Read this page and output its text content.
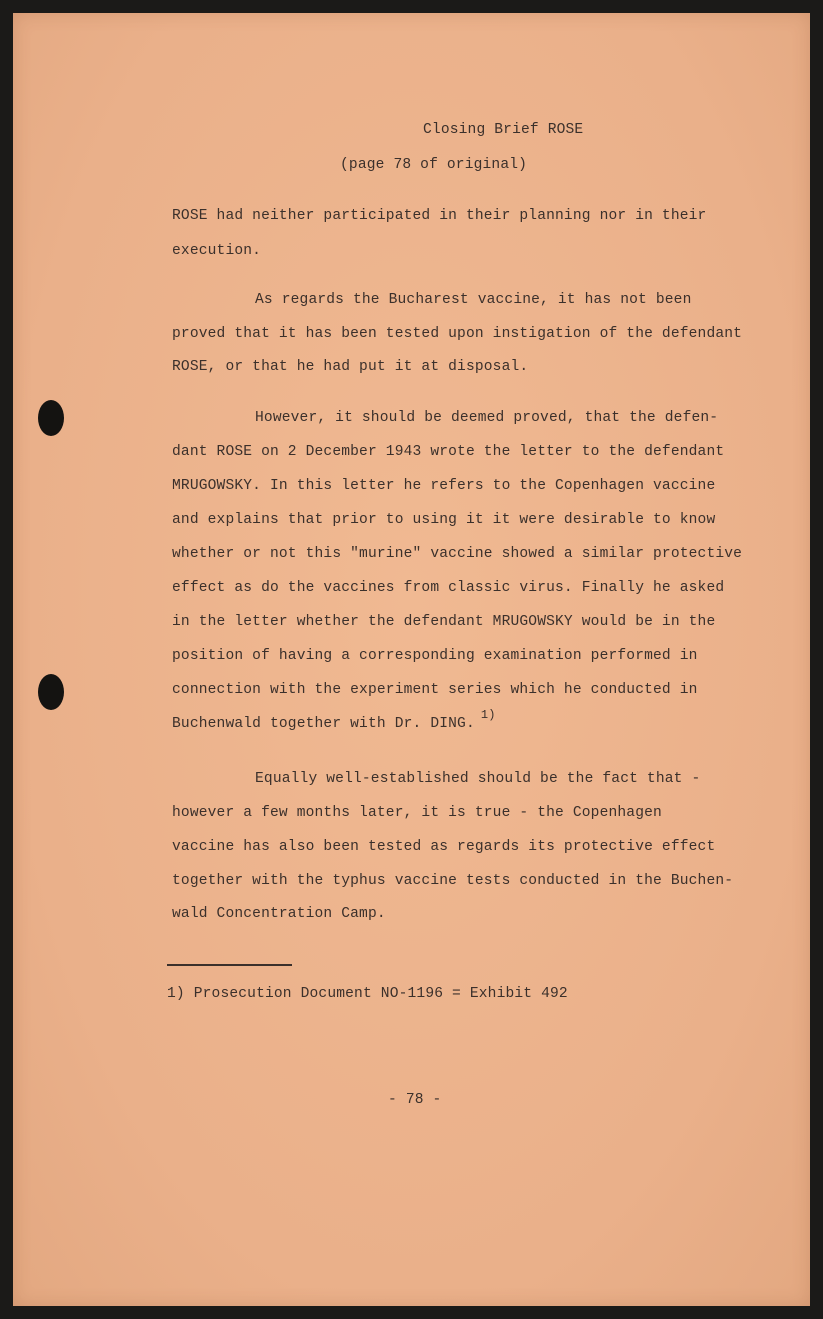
Closing Brief ROSE
(page 78 of original)
ROSE had neither participated in their planning nor in their
execution.
As regards the Bucharest vaccine, it has not been
proved that it has been tested upon instigation of the defendant
ROSE, or that he had put it at disposal.
However, it should be deemed proved, that the defen-
dant ROSE on 2 December 1943 wrote the letter to the defendant
MRUGOWSKY. In this letter he refers to the Copenhagen vaccine
and explains that prior to using it it were desirable to know
whether or not this "murine" vaccine showed a similar protective
effect as do the vaccines from classic virus. Finally he asked
in the letter whether the defendant MRUGOWSKY would be in the
position of having a corresponding examination performed in
connection with the experiment series which he conducted in
Buchenwald together with Dr. DING.$^{1)}$
Equally well-established should be the fact that -
however a few months later, it is true - the Copenhagen
vaccine has also been tested as regards its protective effect
together with the typhus vaccine tests conducted in the Buchen-
wald Concentration Camp.
1) Prosecution Document NO-1196 = Exhibit 492
- 78 -
